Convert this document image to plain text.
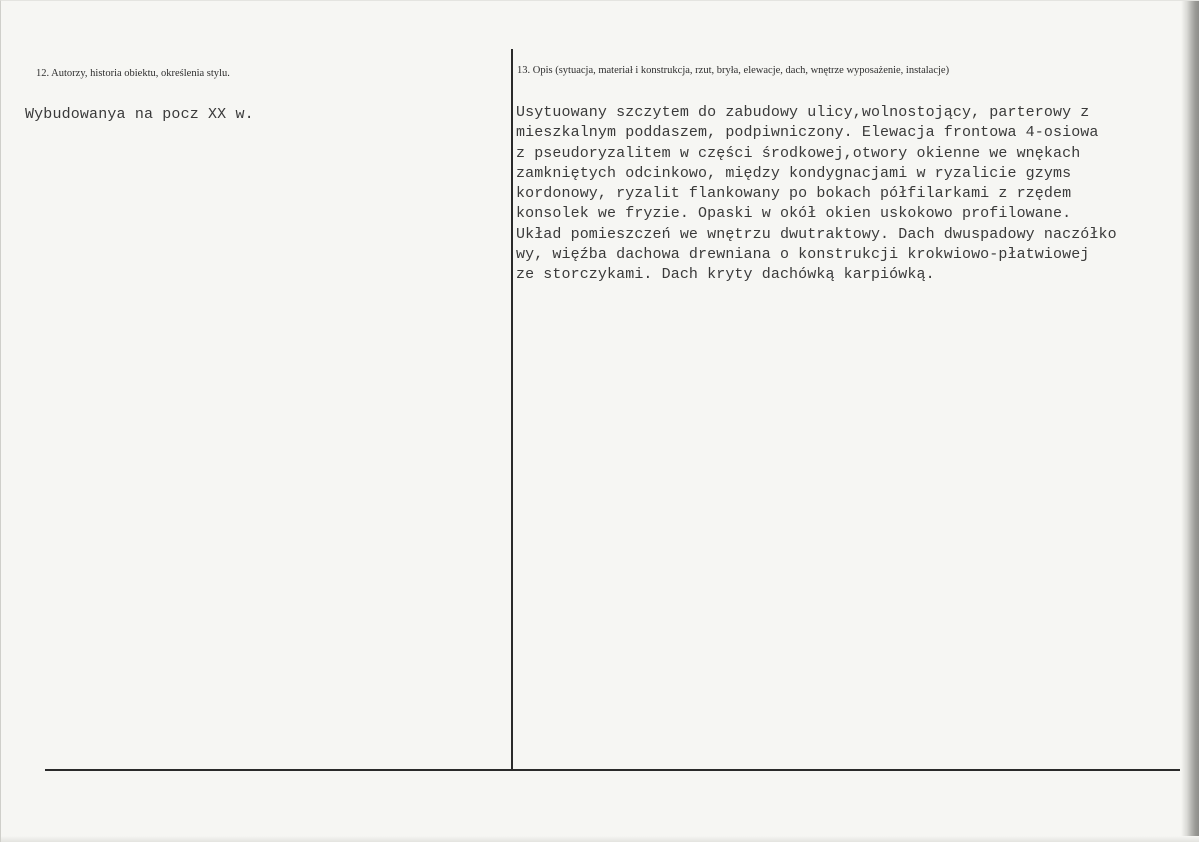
12. Autorzy, historia obiektu, określenia stylu.
Wybudowanya na pocz XX w.
13. Opis (sytuacja, materiał i konstrukcja, rzut, bryła, elewacje, dach, wnętrze wyposażenie, instalacje)
Usytuowany szczytem do zabudowy ulicy,wolnostojący, parterowy z
mieszkalnym poddaszem, podpiwniczony. Elewacja frontowa 4-osiowa
z pseudoryzalitem w części środkowej,otwory okienne we wnękach
zamkniętych odcinkowo, między kondygnacjami w ryzalicie gzyms
kordonowy, ryzalit flankowany po bokach półfilarkami z rzędem
konsolek we fryzie. Opaski w okół okien uskokowo profilowane.
Układ pomieszczeń we wnętrzu dwutraktowy. Dach dwuspadowy naczółko
wy, więźba dachowa drewniana o konstrukcji krokwiowo-płatwiowej
ze storczykami. Dach kryty dachówką karpiówką.
